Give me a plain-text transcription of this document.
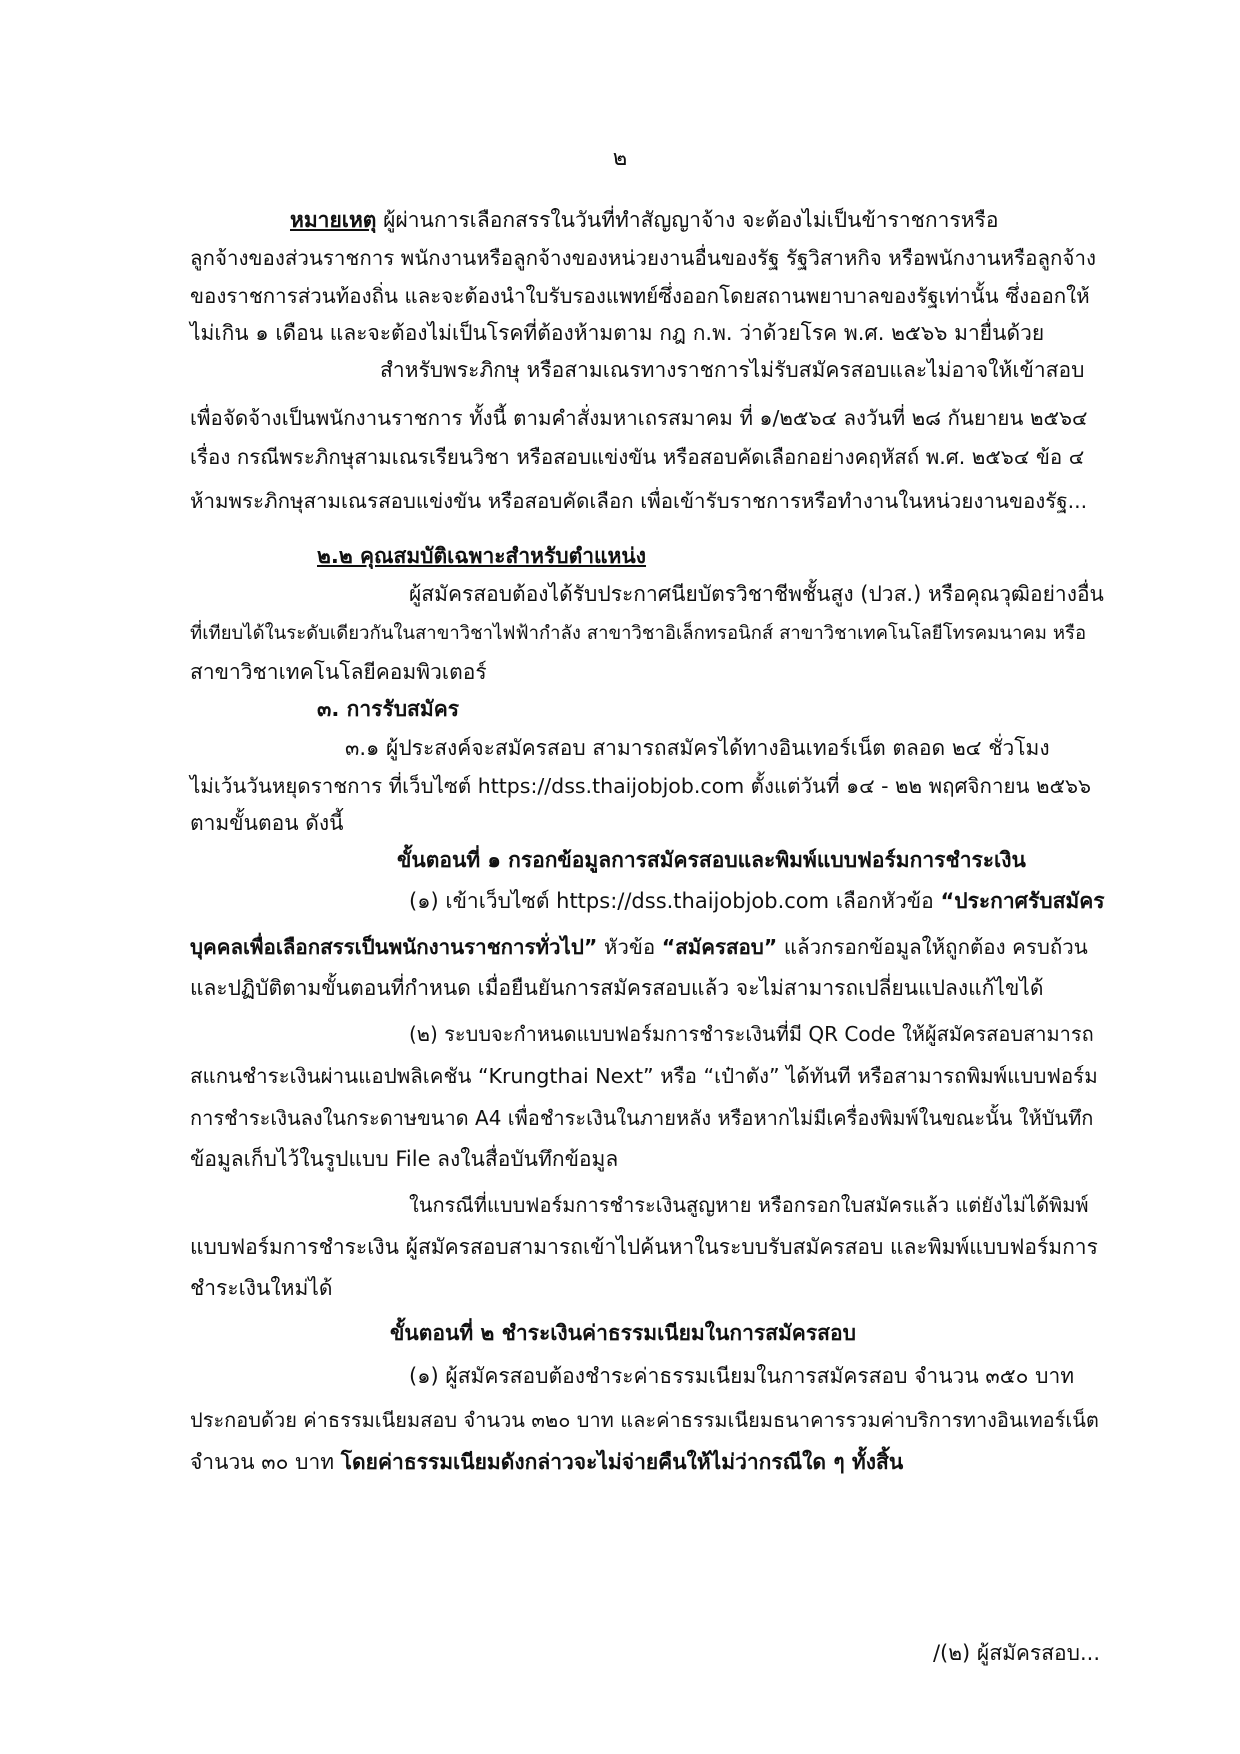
๒
หมายเหตุ ผู้ผ่านการเลือกสรรในวันที่ทำสัญญาจ้าง จะต้องไม่เป็นข้าราชการหรือ
ลูกจ้างของส่วนราชการ พนักงานหรือลูกจ้างของหน่วยงานอื่นของรัฐ รัฐวิสาหกิจ หรือพนักงานหรือลูกจ้าง
ของราชการส่วนท้องถิ่น และจะต้องนำใบรับรองแพทย์ซึ่งออกโดยสถานพยาบาลของรัฐเท่านั้น ซึ่งออกให้
ไม่เกิน ๑ เดือน และจะต้องไม่เป็นโรคที่ต้องห้ามตาม กฎ ก.พ. ว่าด้วยโรค พ.ศ. ๒๕๖๖ มายื่นด้วย
สำหรับพระภิกษุ หรือสามเณรทางราชการไม่รับสมัครสอบและไม่อาจให้เข้าสอบ
เพื่อจัดจ้างเป็นพนักงานราชการ ทั้งนี้ ตามคำสั่งมหาเถรสมาคม ที่ ๑/๒๕๖๔ ลงวันที่ ๒๘ กันยายน ๒๕๖๔
เรื่อง กรณีพระภิกษุสามเณรเรียนวิชา หรือสอบแข่งขัน หรือสอบคัดเลือกอย่างคฤหัสถ์ พ.ศ. ๒๕๖๔ ข้อ ๔
ห้ามพระภิกษุสามเณรสอบแข่งขัน หรือสอบคัดเลือก เพื่อเข้ารับราชการหรือทำงานในหน่วยงานของรัฐ...
๒.๒ คุณสมบัติเฉพาะสำหรับตำแหน่ง
ผู้สมัครสอบต้องได้รับประกาศนียบัตรวิชาชีพชั้นสูง (ปวส.) หรือคุณวุฒิอย่างอื่น
ที่เทียบได้ในระดับเดียวกันในสาขาวิชาไฟฟ้ากำลัง สาขาวิชาอิเล็กทรอนิกส์ สาขาวิชาเทคโนโลยีโทรคมนาคม หรือ
สาขาวิชาเทคโนโลยีคอมพิวเตอร์
๓. การรับสมัคร
๓.๑ ผู้ประสงค์จะสมัครสอบ สามารถสมัครได้ทางอินเทอร์เน็ต ตลอด ๒๔ ชั่วโมง
ไม่เว้นวันหยุดราชการ ที่เว็บไซต์ https://dss.thaijobjob.com ตั้งแต่วันที่ ๑๔ - ๒๒ พฤศจิกายน ๒๕๖๖
ตามขั้นตอน ดังนี้
ขั้นตอนที่ ๑ กรอกข้อมูลการสมัครสอบและพิมพ์แบบฟอร์มการชำระเงิน
(๑) เข้าเว็บไซต์ https://dss.thaijobjob.com เลือกหัวข้อ “ประกาศรับสมัคร
บุคคลเพื่อเลือกสรรเป็นพนักงานราชการทั่วไป” หัวข้อ “สมัครสอบ” แล้วกรอกข้อมูลให้ถูกต้อง ครบถ้วน
และปฏิบัติตามขั้นตอนที่กำหนด เมื่อยืนยันการสมัครสอบแล้ว จะไม่สามารถเปลี่ยนแปลงแก้ไขได้
(๒) ระบบจะกำหนดแบบฟอร์มการชำระเงินที่มี QR Code ให้ผู้สมัครสอบสามารถ
สแกนชำระเงินผ่านแอปพลิเคชัน “Krungthai Next” หรือ “เป๋าตัง” ได้ทันที หรือสามารถพิมพ์แบบฟอร์ม
การชำระเงินลงในกระดาษขนาด A4 เพื่อชำระเงินในภายหลัง หรือหากไม่มีเครื่องพิมพ์ในขณะนั้น ให้บันทึก
ข้อมูลเก็บไว้ในรูปแบบ File ลงในสื่อบันทึกข้อมูล
ในกรณีที่แบบฟอร์มการชำระเงินสูญหาย หรือกรอกใบสมัครแล้ว แต่ยังไม่ได้พิมพ์
แบบฟอร์มการชำระเงิน ผู้สมัครสอบสามารถเข้าไปค้นหาในระบบรับสมัครสอบ และพิมพ์แบบฟอร์มการ
ชำระเงินใหม่ได้
ขั้นตอนที่ ๒ ชำระเงินค่าธรรมเนียมในการสมัครสอบ
(๑) ผู้สมัครสอบต้องชำระค่าธรรมเนียมในการสมัครสอบ จำนวน ๓๕๐ บาท
ประกอบด้วย ค่าธรรมเนียมสอบ จำนวน ๓๒๐ บาท และค่าธรรมเนียมธนาคารรวมค่าบริการทางอินเทอร์เน็ต
จำนวน ๓๐ บาท โดยค่าธรรมเนียมดังกล่าวจะไม่จ่ายคืนให้ไม่ว่ากรณีใด ๆ ทั้งสิ้น
/(๒) ผู้สมัครสอบ...
